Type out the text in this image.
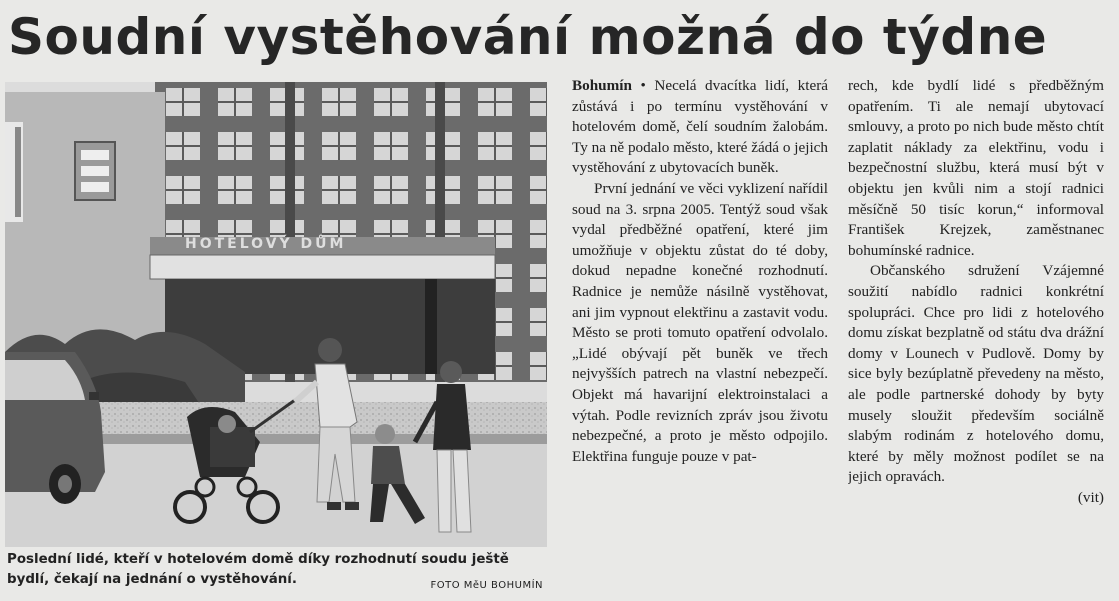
Soudní vystěhování možná do týdne
HOTELOVÝ DŮM
Poslední lidé, kteří v hotelovém domě díky rozhodnutí soudu ještě bydlí, čekají na jednání o vystěhování.	FOTO MěU BOHUMÍN

Bohumín • Necelá dvacítka lidí, která zůstává i po termínu vystěhování v hotelovém domě, čelí soudním žalobám. Ty na ně podalo město, které žádá o jejich vystěhování z ubytovacích buněk.

První jednání ve věci vyklizení nařídil soud na 3. srpna 2005. Tentýž soud však vydal předběžné opatření, které jim umožňuje v objektu zůstat do té doby, dokud nepadne konečné rozhodnutí. Radnice je nemůže násilně vystěhovat, ani jim vypnout elektřinu a zastavit vodu. Město se proti tomuto opatření odvolalo. „Lidé obývají pět buněk ve třech nejvyšších patrech na vlastní nebezpečí. Objekt má havarijní elektroinstalaci a výtah. Podle revizních zpráv jsou životu nebezpečné, a proto je město odpojilo. Elektřina funguje pouze v pat-

rech, kde bydlí lidé s předběžným opatřením. Ti ale nemají ubytovací smlouvy, a proto po nich bude město chtít zaplatit náklady za elektřinu, vodu i bezpečnostní službu, která musí být v objektu jen kvůli nim a stojí radnici měsíčně 50 tisíc korun,“ informoval František Krejzek, zaměstnanec bohumínské radnice.

Občanského sdružení Vzájemné soužití nabídlo radnici konkrétní spolupráci. Chce pro lidi z hotelového domu získat bezplatně od státu dva drážní domy v Lounech v Pudlově. Domy by sice byly bezúplatně převedeny na město, ale podle partnerské dohody by byty musely sloužit především sociálně slabým rodinám z hotelového domu, které by měly možnost podílet se na jejich opravách.

(vit)
